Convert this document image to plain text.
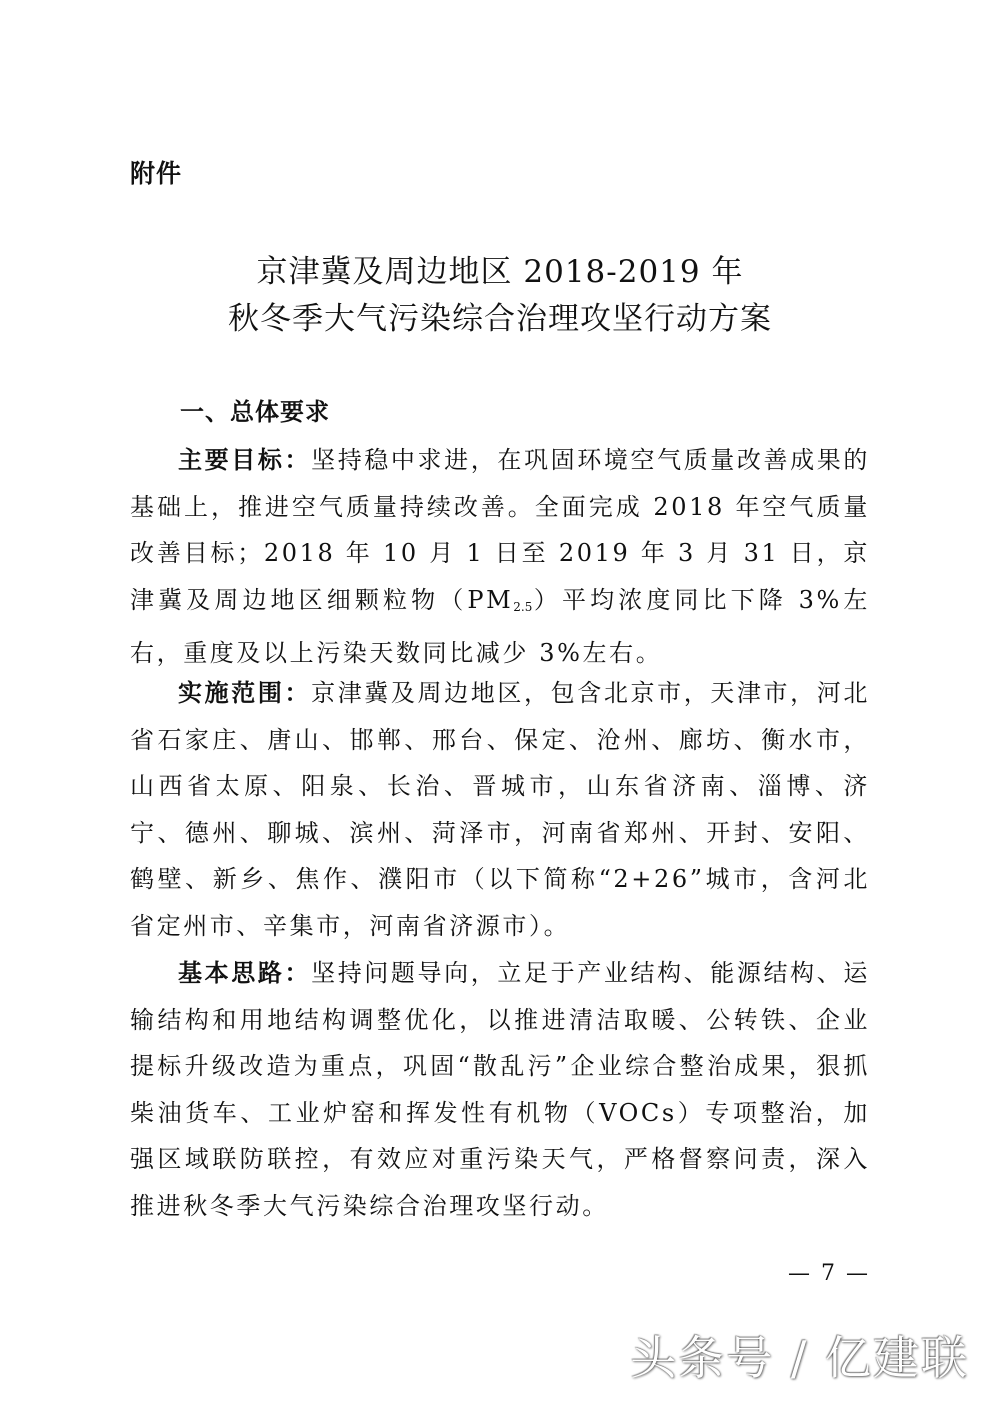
附件
京津冀及周边地区 2018-2019 年
秋冬季大气污染综合治理攻坚行动方案
一、总体要求
主要目标：坚持稳中求进，在巩固环境空气质量改善成果的基础上，推进空气质量持续改善。全面完成 2018 年空气质量改善目标；2018 年 10 月 1 日至 2019 年 3 月 31 日，京津冀及周边地区细颗粒物$(PM_{2.5})$平均浓度同比下降 3%左右，重度及以上污染天数同比减少 3%左右。
实施范围：京津冀及周边地区，包含北京市，天津市，河北省石家庄、唐山、邯郸、邢台、保定、沧州、廊坊、衡水市，山西省太原、阳泉、长治、晋城市，山东省济南、淄博、济宁、德州、聊城、滨州、菏泽市，河南省郑州、开封、安阳、鹤壁、新乡、焦作、濮阳市（以下简称“2+26”城市，含河北省定州市、辛集市，河南省济源市）。
基本思路：坚持问题导向，立足于产业结构、能源结构、运输结构和用地结构调整优化，以推进清洁取暖、公转铁、企业提标升级改造为重点，巩固“散乱污”企业综合整治成果，狠抓柴油货车、工业炉窑和挥发性有机物（VOCs）专项整治，加强区域联防联控，有效应对重污染天气，严格督察问责，深入推进秋冬季大气污染综合治理攻坚行动。
— 7 —
头条号 / 亿建联
